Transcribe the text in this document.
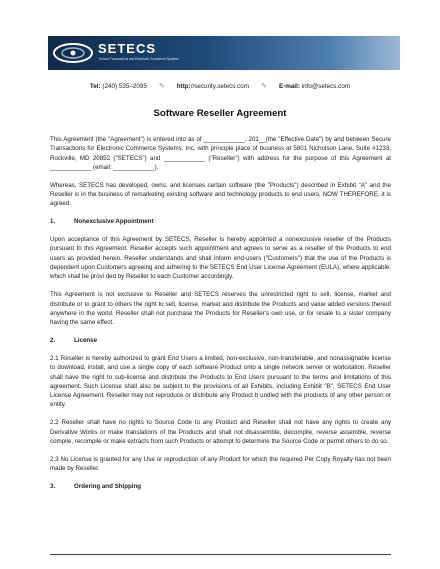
SETECS
Secure Transactions and Electronic Commerce Systems
Tel: (240) 535–2095 ✎ http://security.setecs.com ✎ E-mail: info@setecs.com
Software Reseller Agreement

This Agreement (the "Agreement") is entered into as of ____________, 201__(the "Effective Date") by and between Secure Transactions for Electronic Commerce Systems, Inc. with principle place of business at 5801 Nicholson Lane, Suite #1233, Rockville, MD 20852 ("SETECS") and ____________ ("Reseller") with address for the purpose of this Agreement at ____________ (email: ____________).

Whereas, SETECS has developed, owns, and licenses certain software (the "Products") described in Exhibit "A" and the Reseller is in the business of remarketing existing software and technology products to end users, NOW THEREFORE, it is agreed:

1.	Nonexclusive Appointment

Upon acceptance of this Agreement by SETECS, Reseller is hereby appointed a nonexclusive reseller of the Products pursuant to this Agreement. Reseller accepts such appointment and agrees to serve as a reseller of the Products to end users as provided herein. Reseller understands and shall inform end-users ("Customers") that the use of the Products is dependent upon Customers agreeing and adhering to the SETECS End User License Agreement (EULA), where applicable, which shall be provi ded by Reseller to each Customer accordingly.

This Agreement is not exclusive to Reseller and SETECS reserves the unrestricted right to sell, license, market and distribute or to grant to others the right to sell, license, market and distribute the Products and value added versions thereof anywhere in the world. Reseller shall not purchase the Products for Reseller's own use, or for resale to a sister company having the same effect.

2.	License

2.1 Reseller is hereby authorized to grant End Users a limited, non-exclusive, non-transferable, and nonassignable license to download, install, and use a single copy of each software Product onto a single network server or workstation. Reseller shall have the right to sub-license and distribute the Products to End Users pursuant to the terms and limitations of this agreement. Such License shall also be subject to the provisions of all Exhibits, including Exhibit "B", SETECS End User License Agreement. Reseller may not reproduce or distribute any Product b undled with the products of any other person or entity.

2.2 Reseller shall have no rights to Source Code to any Product and Reseller shall not have any rights to create any Derivative Works or make translations of the Products and shall not disassemble, decompile, reverse assemble, reverse compile, recompile or make extracts from such Products or attempt to determine the Source Code or permit others to do so.

2.3 No License is granted for any Use or reproduction of any Product for which the required Per Copy Royalty has not been made by Reseller.

3.	Ordering and Shipping
